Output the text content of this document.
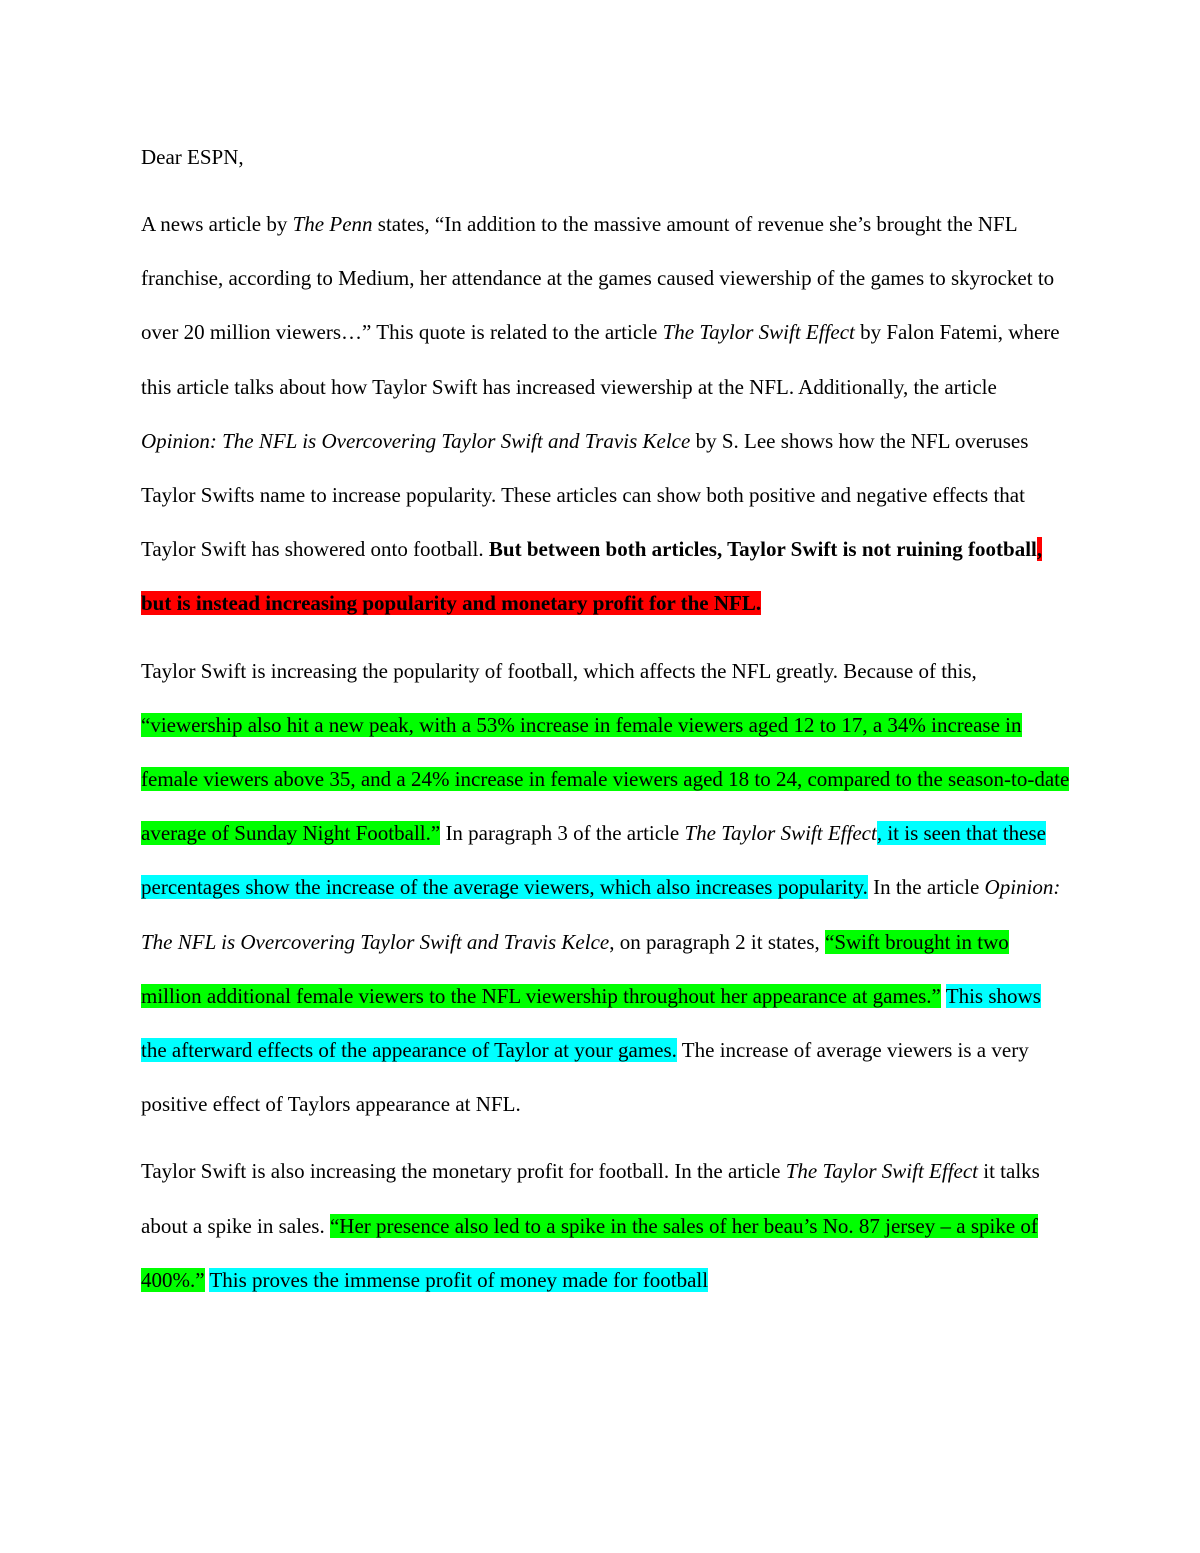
Dear ESPN,

A news article by The Penn states, “In addition to the massive amount of revenue she’s brought the NFL franchise, according to Medium, her attendance at the games caused viewership of the games to skyrocket to over 20 million viewers…” This quote is related to the article The Taylor Swift Effect by Falon Fatemi, where this article talks about how Taylor Swift has increased viewership at the NFL. Additionally, the article Opinion: The NFL is Overcovering Taylor Swift and Travis Kelce by S. Lee shows how the NFL overuses Taylor Swifts name to increase popularity. These articles can show both positive and negative effects that Taylor Swift has showered onto football. But between both articles, Taylor Swift is not ruining football, but is instead increasing popularity and monetary profit for the NFL.

Taylor Swift is increasing the popularity of football, which affects the NFL greatly. Because of this, “viewership also hit a new peak, with a 53% increase in female viewers aged 12 to 17, a 34% increase in female viewers above 35, and a 24% increase in female viewers aged 18 to 24, compared to the season-to-date average of Sunday Night Football.” In paragraph 3 of the article The Taylor Swift Effect, it is seen that these percentages show the increase of the average viewers, which also increases popularity. In the article Opinion: The NFL is Overcovering Taylor Swift and Travis Kelce, on paragraph 2 it states, “Swift brought in two million additional female viewers to the NFL viewership throughout her appearance at games.” This shows the afterward effects of the appearance of Taylor at your games. The increase of average viewers is a very positive effect of Taylors appearance at NFL.

Taylor Swift is also increasing the monetary profit for football. In the article The Taylor Swift Effect it talks about a spike in sales. “Her presence also led to a spike in the sales of her beau’s No. 87 jersey – a spike of 400%.” This proves the immense profit of money made for football
